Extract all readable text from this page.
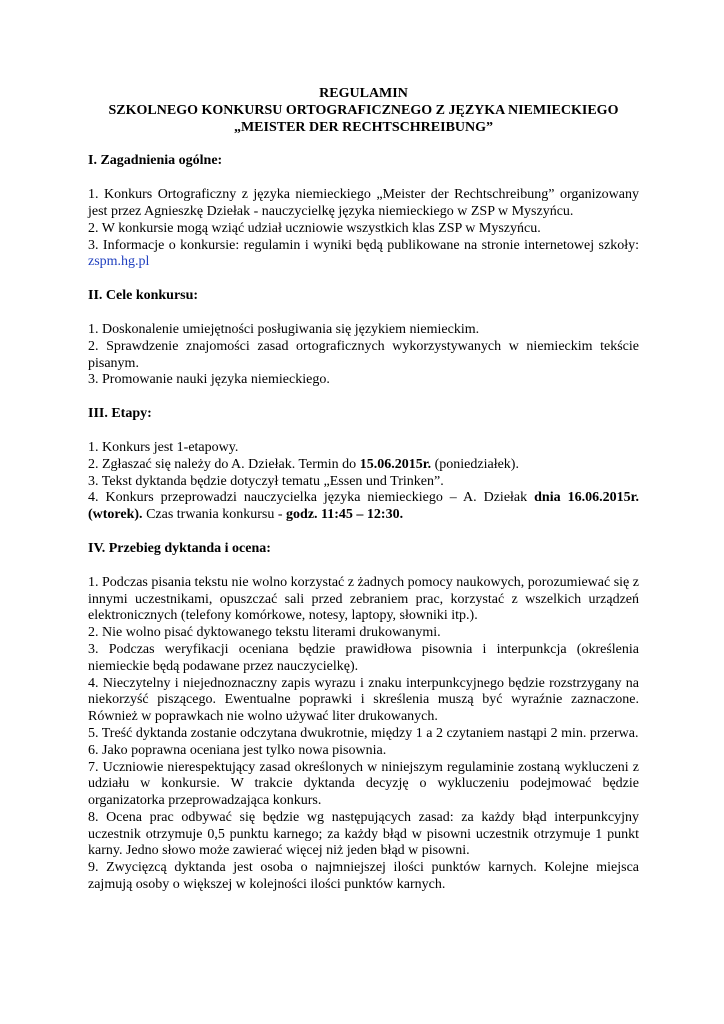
REGULAMIN
SZKOLNEGO KONKURSU ORTOGRAFICZNEGO Z JĘZYKA NIEMIECKIEGO
„MEISTER DER RECHTSCHREIBUNG”
I. Zagadnienia ogólne:

1. Konkurs Ortograficzny z języka niemieckiego „Meister der Rechtschreibung” organizowany jest przez Agnieszkę Dziełak - nauczycielkę języka niemieckiego w ZSP w Myszyńcu.

2. W konkursie mogą wziąć udział uczniowie wszystkich klas ZSP w Myszyńcu.

3. Informacje o konkursie: regulamin i wyniki będą publikowane na stronie internetowej szkoły: zspm.hg.pl

II. Cele konkursu:

1. Doskonalenie umiejętności posługiwania się językiem niemieckim.

2. Sprawdzenie znajomości zasad ortograficznych wykorzystywanych w niemieckim tekście pisanym.

3. Promowanie nauki języka niemieckiego.

III. Etapy:

1. Konkurs jest 1-etapowy.

2. Zgłaszać się należy do A. Dziełak. Termin do 15.06.2015r. (poniedziałek).

3. Tekst dyktanda będzie dotyczył tematu „Essen und Trinken”.

4. Konkurs przeprowadzi nauczycielka języka niemieckiego – A. Dziełak dnia 16.06.2015r. (wtorek). Czas trwania konkursu - godz. 11:45 – 12:30.

IV. Przebieg dyktanda i ocena:

1. Podczas pisania tekstu nie wolno korzystać z żadnych pomocy naukowych, porozumiewać się z innymi uczestnikami, opuszczać sali przed zebraniem prac, korzystać z wszelkich urządzeń elektronicznych (telefony komórkowe, notesy, laptopy, słowniki itp.).

2. Nie wolno pisać dyktowanego tekstu literami drukowanymi.

3. Podczas weryfikacji oceniana będzie prawidłowa pisownia i interpunkcja (określenia niemieckie będą podawane przez nauczycielkę).

4. Nieczytelny i niejednoznaczny zapis wyrazu i znaku interpunkcyjnego będzie rozstrzygany na niekorzyść piszącego. Ewentualne poprawki i skreślenia muszą być wyraźnie zaznaczone. Również w poprawkach nie wolno używać liter drukowanych.

5. Treść dyktanda zostanie odczytana dwukrotnie, między 1 a 2 czytaniem nastąpi 2 min. przerwa.

6. Jako poprawna oceniana jest tylko nowa pisownia.

7. Uczniowie nierespektujący zasad określonych w niniejszym regulaminie zostaną wykluczeni z udziału w konkursie. W trakcie dyktanda decyzję o wykluczeniu podejmować będzie organizatorka przeprowadzająca konkurs.

8. Ocena prac odbywać się będzie wg następujących zasad: za każdy błąd interpunkcyjny uczestnik otrzymuje 0,5 punktu karnego; za każdy błąd w pisowni uczestnik otrzymuje 1 punkt karny. Jedno słowo może zawierać więcej niż jeden błąd w pisowni.

9. Zwycięzcą dyktanda jest osoba o najmniejszej ilości punktów karnych. Kolejne miejsca zajmują osoby o większej w kolejności ilości punktów karnych.
